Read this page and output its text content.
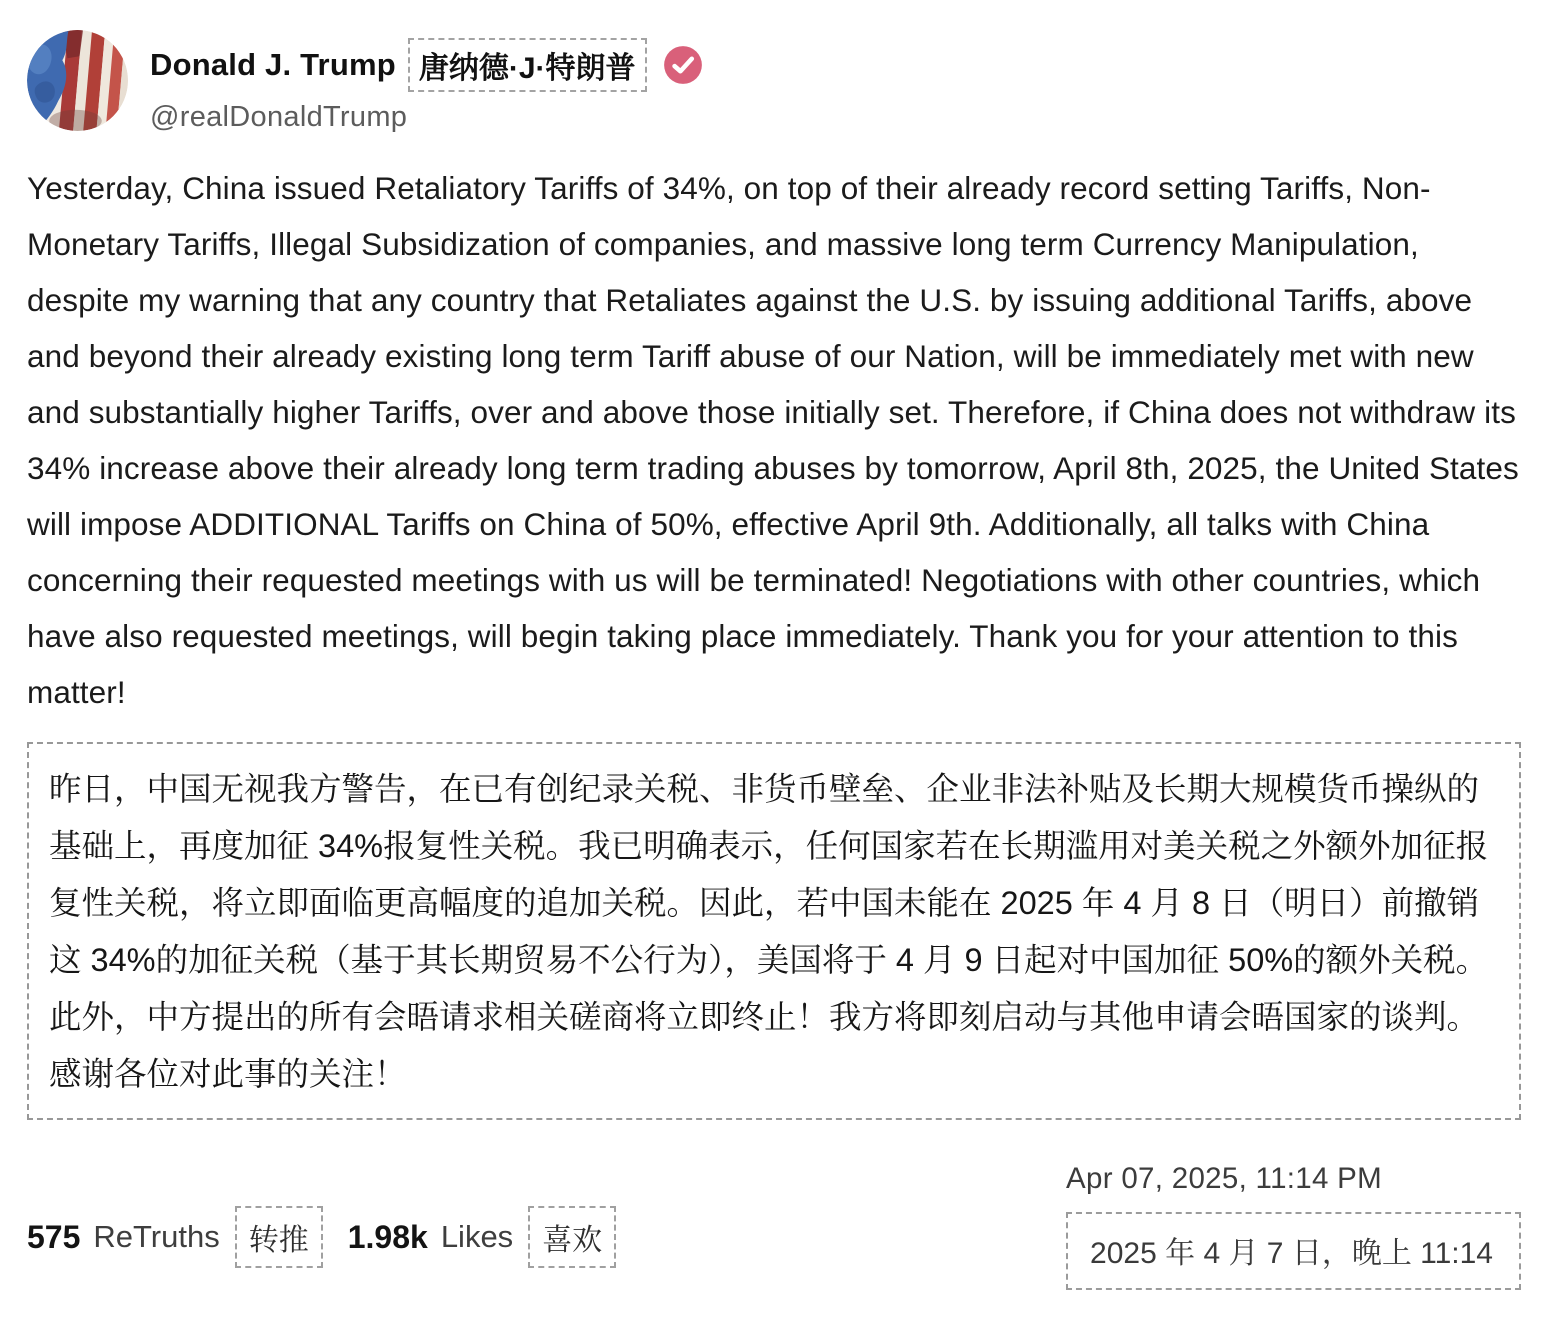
Donald J. Trump 唐纳德·J·特朗普
@realDonaldTrump
Yesterday, China issued Retaliatory Tariffs of 34%, on top of their already record setting Tariffs, Non-Monetary Tariffs, Illegal Subsidization of companies, and massive long term Currency Manipulation, despite my warning that any country that Retaliates against the U.S. by issuing additional Tariffs, above and beyond their already existing long term Tariff abuse of our Nation, will be immediately met with new and substantially higher Tariffs, over and above those initially set. Therefore, if China does not withdraw its 34% increase above their already long term trading abuses by tomorrow, April 8th, 2025, the United States will impose ADDITIONAL Tariffs on China of 50%, effective April 9th. Additionally, all talks with China concerning their requested meetings with us will be terminated! Negotiations with other countries, which have also requested meetings, will begin taking place immediately. Thank you for your attention to this matter!
昨日，中国无视我方警告，在已有创纪录关税、非货币壁垒、企业非法补贴及长期大规模货币操纵的基础上，再度加征 34%报复性关税。我已明确表示，任何国家若在长期滥用对美关税之外额外加征报复性关税，将立即面临更高幅度的追加关税。因此，若中国未能在 2025 年 4 月 8 日（明日）前撤销这 34%的加征关税（基于其长期贸易不公行为），美国将于 4 月 9 日起对中国加征 50%的额外关税。此外，中方提出的所有会晤请求相关磋商将立即终止！我方将即刻启动与其他申请会晤国家的谈判。感谢各位对此事的关注！
575 ReTruths 转推	1.98k Likes 喜欢
Apr 07, 2025, 11:14 PM
2025 年 4 月 7 日，晚上 11:14
